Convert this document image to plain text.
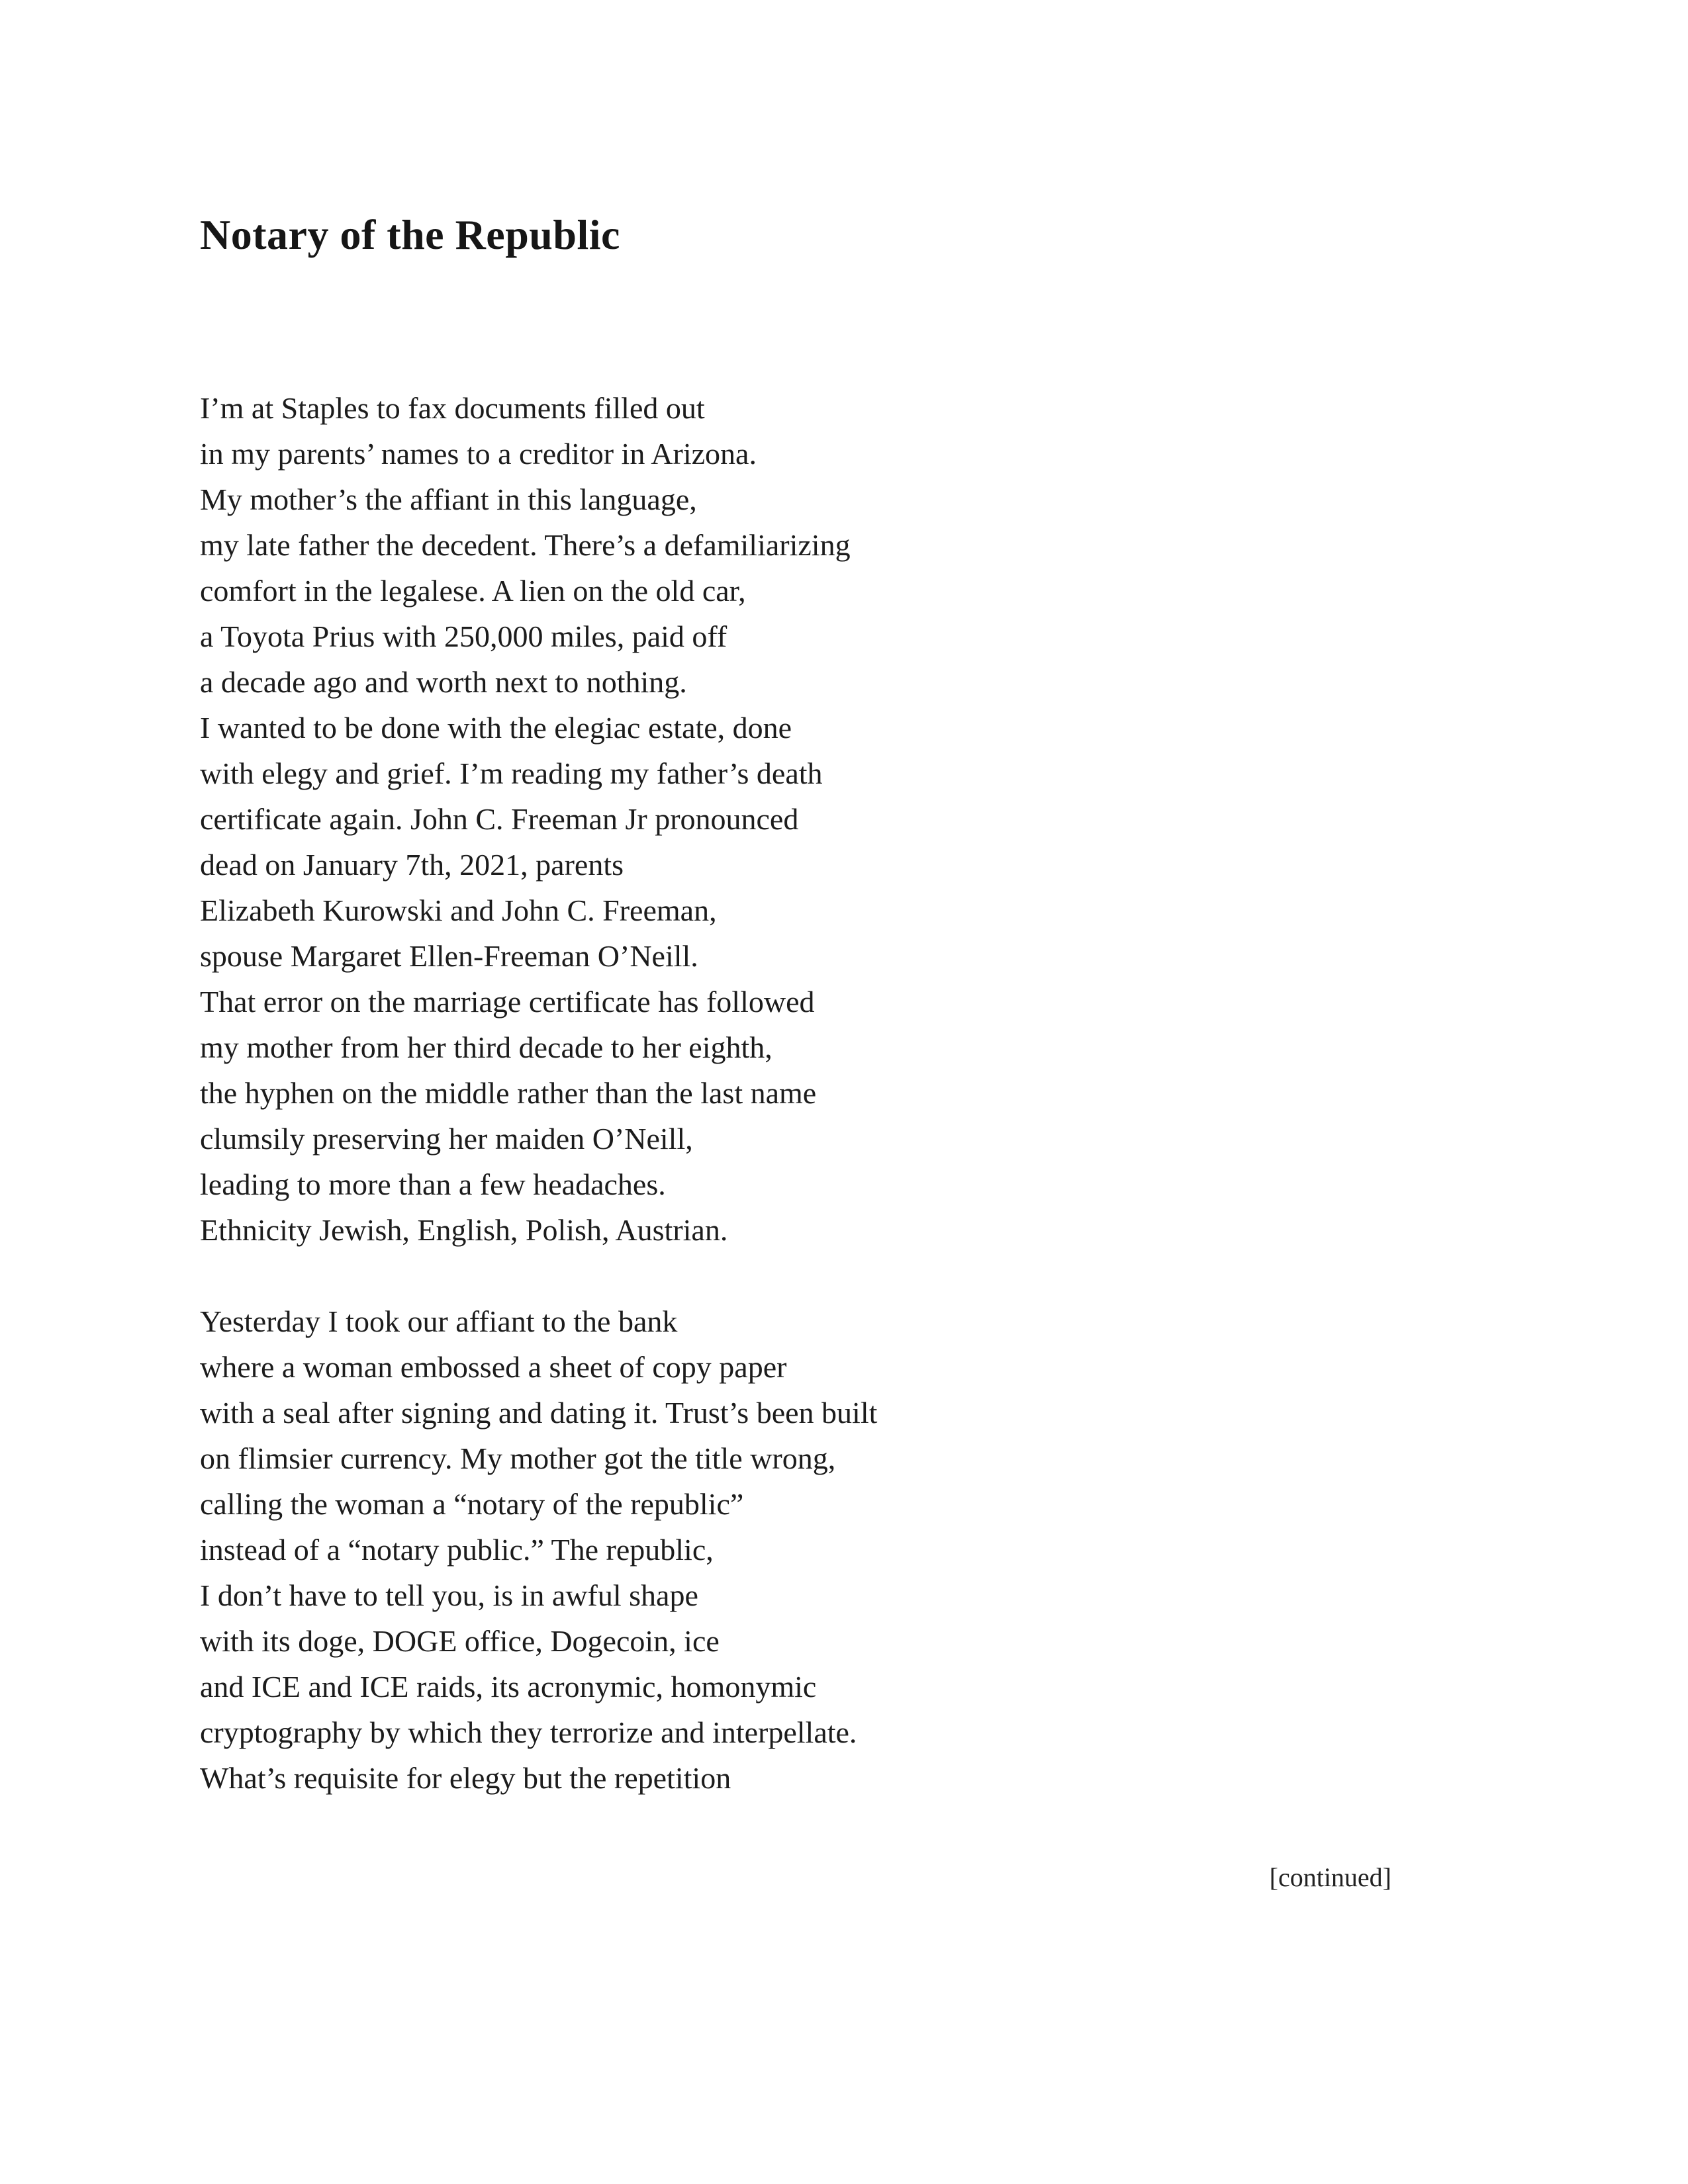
Notary of the Republic
I’m at Staples to fax documents filled out
in my parents’ names to a creditor in Arizona.
My mother’s the affiant in this language,
my late father the decedent. There’s a defamiliarizing
comfort in the legalese. A lien on the old car,
a Toyota Prius with 250,000 miles, paid off
a decade ago and worth next to nothing.
I wanted to be done with the elegiac estate, done
with elegy and grief. I’m reading my father’s death
certificate again. John C. Freeman Jr pronounced
dead on January 7th, 2021, parents
Elizabeth Kurowski and John C. Freeman,
spouse Margaret Ellen-Freeman O’Neill.
That error on the marriage certificate has followed
my mother from her third decade to her eighth,
the hyphen on the middle rather than the last name
clumsily preserving her maiden O’Neill,
leading to more than a few headaches.
Ethnicity Jewish, English, Polish, Austrian.
Yesterday I took our affiant to the bank
where a woman embossed a sheet of copy paper
with a seal after signing and dating it. Trust’s been built
on flimsier currency. My mother got the title wrong,
calling the woman a “notary of the republic”
instead of a “notary public.” The republic,
I don’t have to tell you, is in awful shape
with its doge, DOGE office, Dogecoin, ice
and ICE and ICE raids, its acronymic, homonymic
cryptography by which they terrorize and interpellate.
What’s requisite for elegy but the repetition
[continued]
